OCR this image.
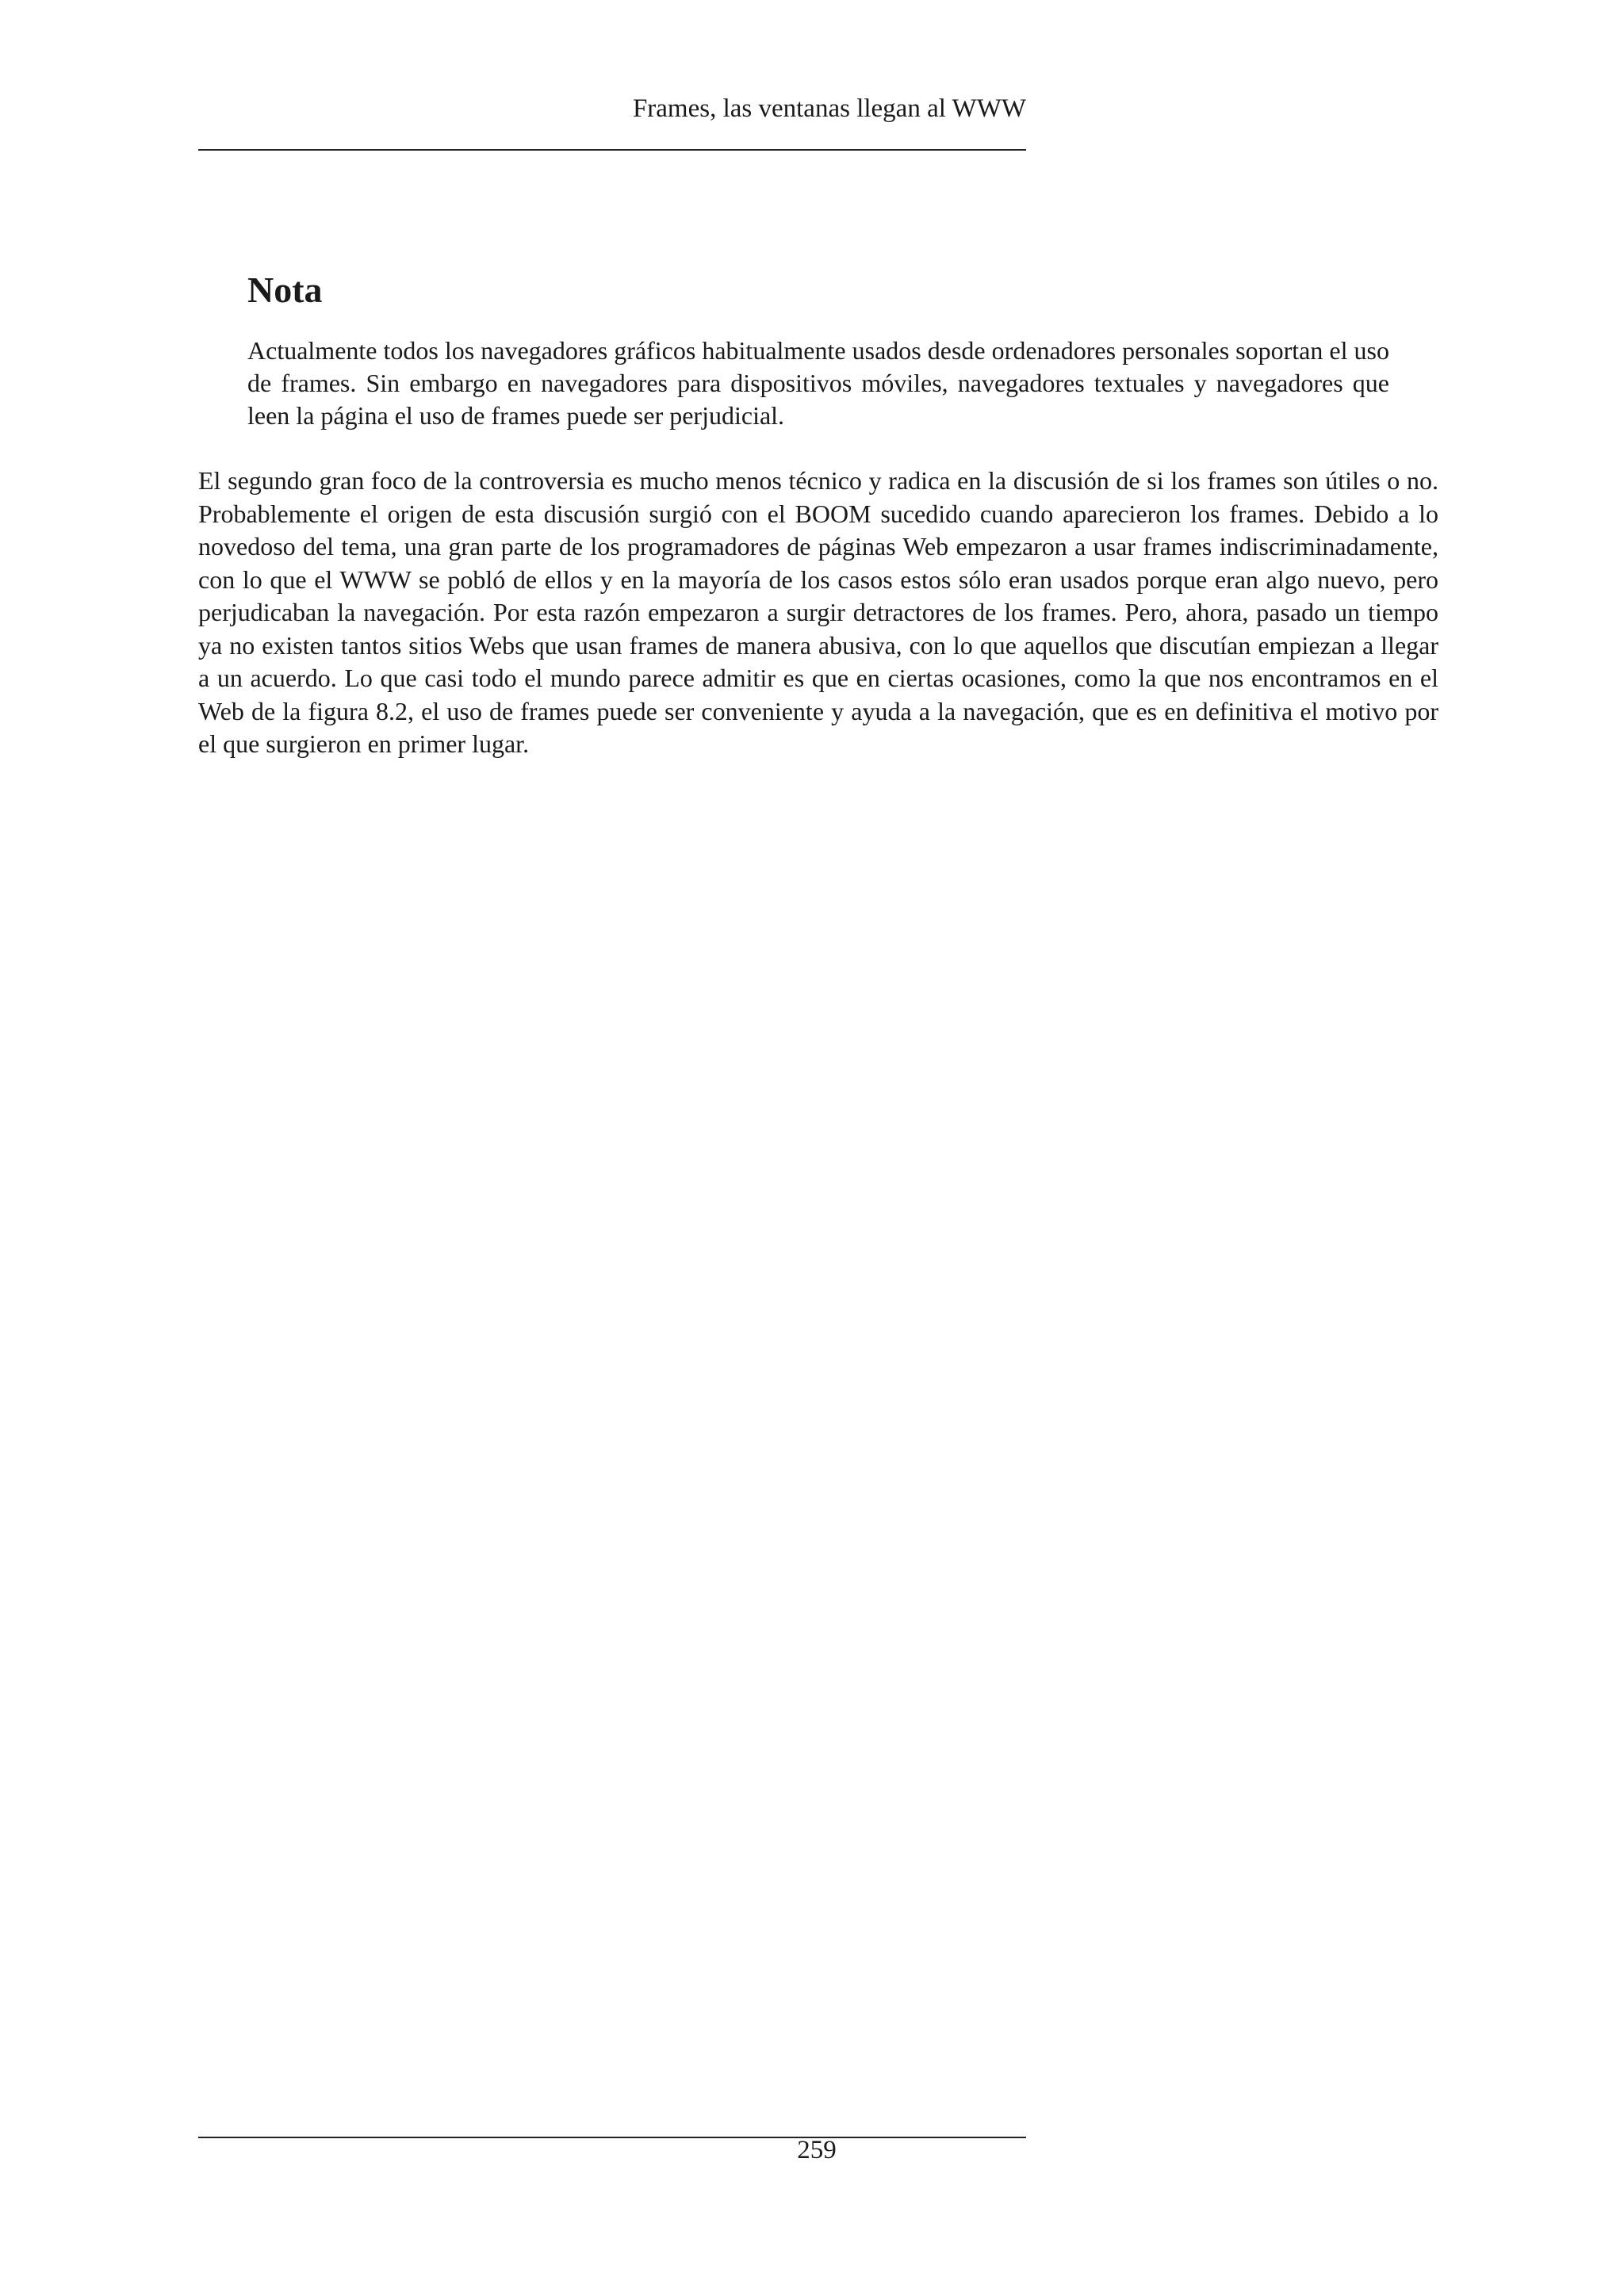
Frames, las ventanas llegan al WWW
Nota

Actualmente todos los navegadores gráficos habitualmente usados desde ordenadores personales soportan el uso de frames. Sin embargo en navegadores para dispositivos móviles, navegadores textuales y navegadores que leen la página el uso de frames puede ser perjudicial.

El segundo gran foco de la controversia es mucho menos técnico y radica en la discusión de si los frames son útiles o no. Probablemente el origen de esta discusión surgió con el BOOM sucedido cuando aparecieron los frames. Debido a lo novedoso del tema, una gran parte de los programadores de páginas Web empezaron a usar frames indiscriminadamente, con lo que el WWW se pobló de ellos y en la mayoría de los casos estos sólo eran usados porque eran algo nuevo, pero perjudicaban la navegación. Por esta razón empezaron a surgir detractores de los frames. Pero, ahora, pasado un tiempo ya no existen tantos sitios Webs que usan frames de manera abusiva, con lo que aquellos que discutían empiezan a llegar a un acuerdo. Lo que casi todo el mundo parece admitir es que en ciertas ocasiones, como la que nos encontramos en el Web de la figura 8.2, el uso de frames puede ser conveniente y ayuda a la navegación, que es en definitiva el motivo por el que surgieron en primer lugar.

259
